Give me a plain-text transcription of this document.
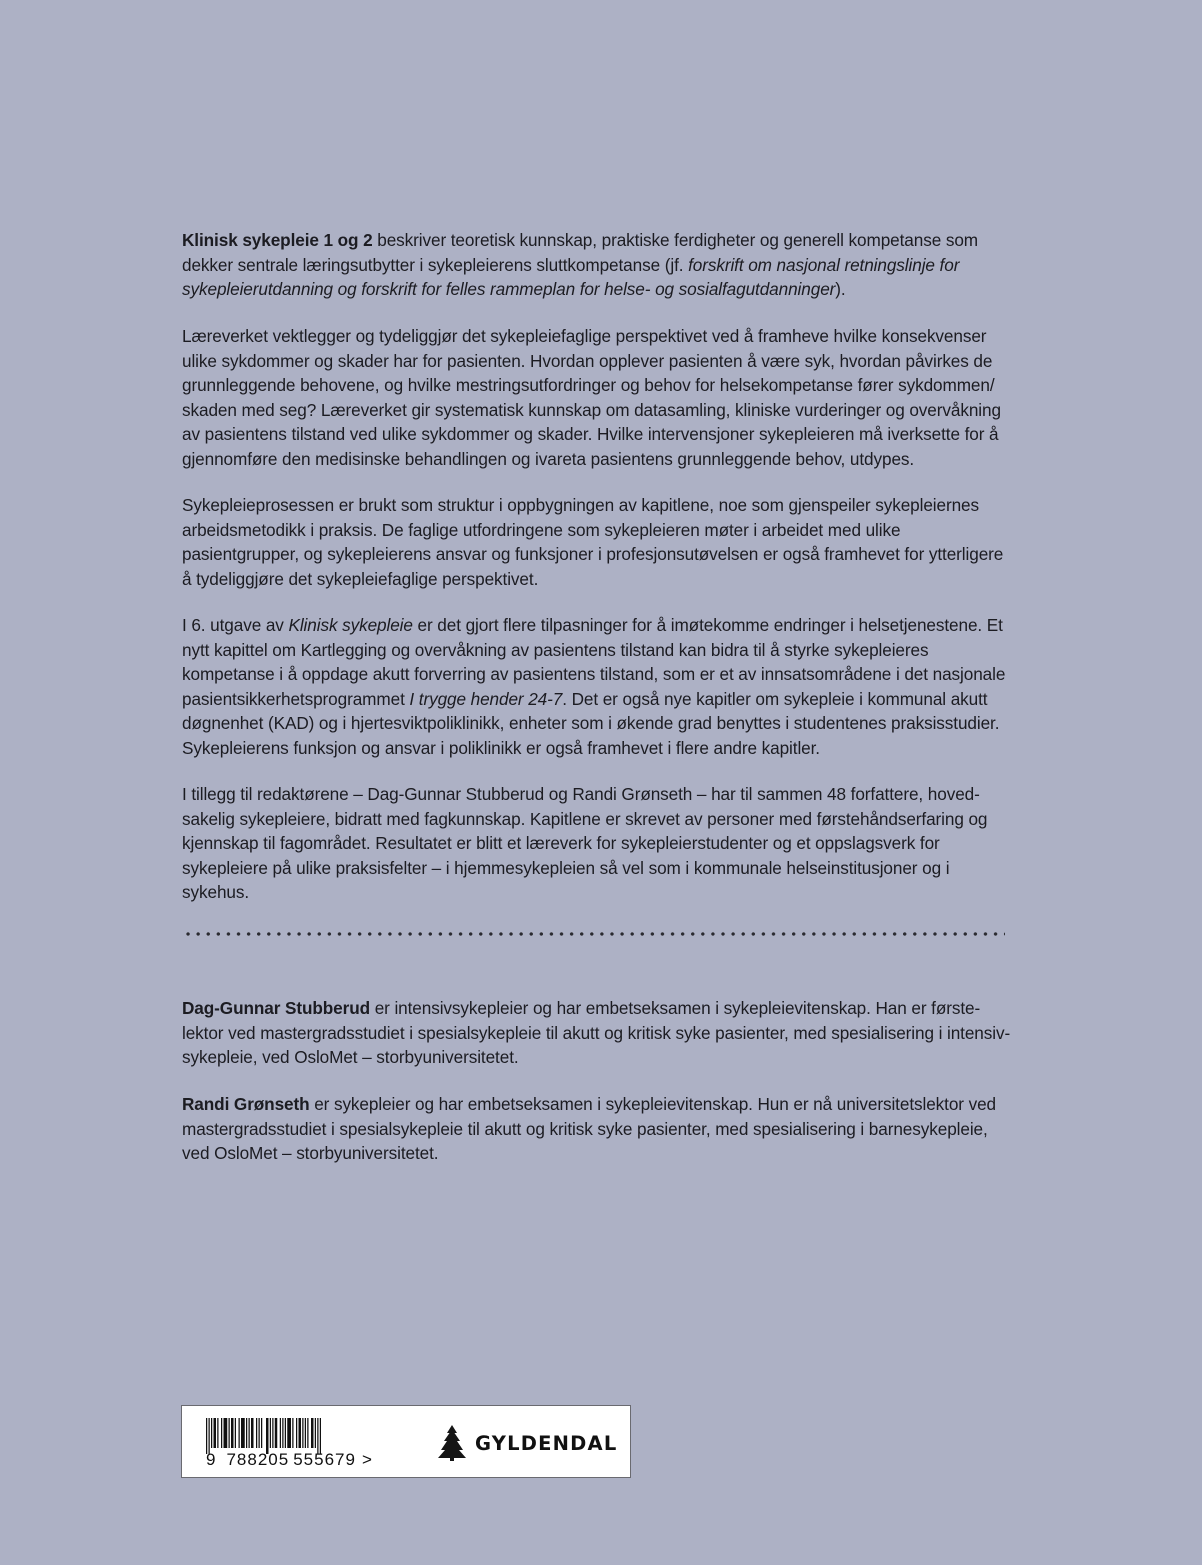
Klinisk sykepleie 1 og 2 beskriver teoretisk kunnskap, praktiske ferdigheter og generell kompetanse som dekker sentrale læringsutbytter i sykepleierens sluttkompetanse (jf. forskrift om nasjonal retningslinje for sykepleierutdanning og forskrift for felles rammeplan for helse- og sosialfagutdanninger).

Læreverket vektlegger og tydeliggjør det sykepleiefaglige perspektivet ved å framheve hvilke konsekvenser ulike sykdommer og skader har for pasienten. Hvordan opplever pasienten å være syk, hvordan påvirkes de grunnleggende behovene, og hvilke mestringsutfordringer og behov for helsekompetanse fører sykdommen/ skaden med seg? Læreverket gir systematisk kunnskap om datasamling, kliniske vurderinger og overvåkning av pasientens tilstand ved ulike sykdommer og skader. Hvilke intervensjoner sykepleieren må iverksette for å gjennomføre den medisinske behandlingen og ivareta pasientens grunnleggende behov, utdypes.

Sykepleieprosessen er brukt som struktur i oppbygningen av kapitlene, noe som gjenspeiler sykepleiernes arbeidsmetodikk i praksis. De faglige utfordringene som sykepleieren møter i arbeidet med ulike pasientgrupper, og sykepleierens ansvar og funksjoner i profesjonsutøvelsen er også framhevet for ytterligere å tydeliggjøre det sykepleiefaglige perspektivet.

I 6. utgave av Klinisk sykepleie er det gjort flere tilpasninger for å imøtekomme endringer i helsetjenestene. Et nytt kapittel om Kartlegging og overvåkning av pasientens tilstand kan bidra til å styrke sykepleieres kompetanse i å oppdage akutt forverring av pasientens tilstand, som er et av innsatsområdene i det nasjonale pasientsikkerhetsprogrammet I trygge hender 24-7. Det er også nye kapitler om sykepleie i kommunal akutt døgnenhet (KAD) og i hjertesviktpoliklinikk, enheter som i økende grad benyttes i studentenes praksisstudier. Sykepleierens funksjon og ansvar i poliklinikk er også framhevet i flere andre kapitler.

I tillegg til redaktørene – Dag-Gunnar Stubberud og Randi Grønseth – har til sammen 48 forfattere, hovedsakelig sykepleiere, bidratt med fagkunnskap. Kapitlene er skrevet av personer med førstehåndserfaring og kjennskap til fagområdet. Resultatet er blitt et læreverk for sykepleierstudenter og et oppslagsverk for sykepleiere på ulike praksisfelter – i hjemmesykepleien så vel som i kommunale helseinstitusjoner og i sykehus.

Dag-Gunnar Stubberud er intensivsykepleier og har embetseksamen i sykepleievitenskap. Han er førstelektor ved mastergradsstudiet i spesialsykepleie til akutt og kritisk syke pasienter, med spesialisering i intensivsykepleie, ved OsloMet – storbyuniversitetet.

Randi Grønseth er sykepleier og har embetseksamen i sykepleievitenskap. Hun er nå universitetslektor ved mastergradsstudiet i spesialsykepleie til akutt og kritisk syke pasienter, med spesialisering i barnesykepleie, ved OsloMet – storbyuniversitetet.

9 788205 555679 >
GYLDENDAL
